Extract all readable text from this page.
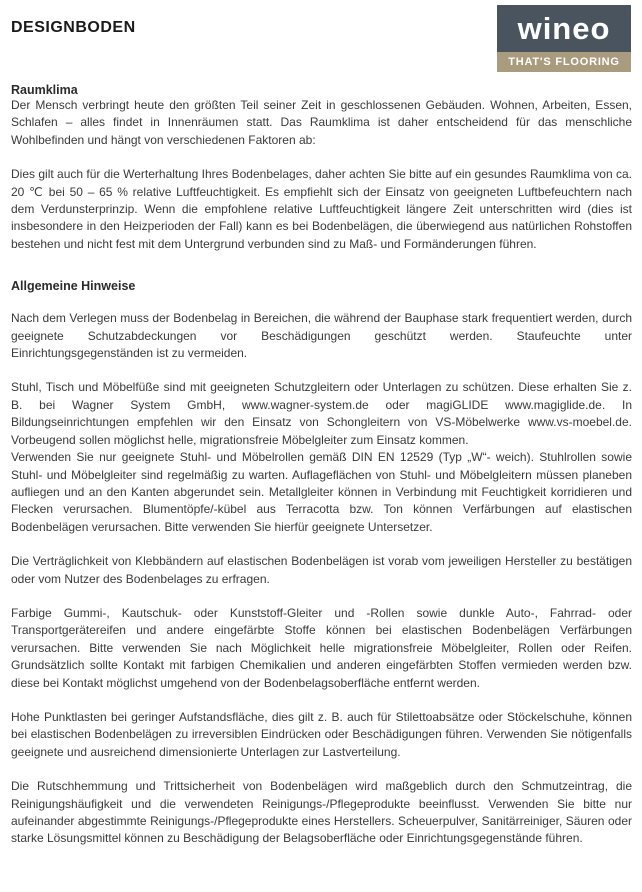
DESIGNBODEN	wineo
THAT'S FLOORING
Raumklima

Der Mensch verbringt heute den größten Teil seiner Zeit in geschlossenen Gebäuden. Wohnen, Arbeiten, Essen, Schlafen – alles findet in Innenräumen statt. Das Raumklima ist daher entscheidend für das menschliche Wohlbefinden und hängt von verschiedenen Faktoren ab:

Dies gilt auch für die Werterhaltung Ihres Bodenbelages, daher achten Sie bitte auf ein gesundes Raumklima von ca. 20 ℃ bei 50 – 65 % relative Luftfeuchtigkeit. Es empfiehlt sich der Einsatz von geeigneten Luftbefeuchtern nach dem Verdunsterprinzip. Wenn die empfohlene relative Luftfeuchtigkeit längere Zeit unterschritten wird (dies ist insbesondere in den Heizperioden der Fall) kann es bei Bodenbelägen, die überwiegend aus natürlichen Rohstoffen bestehen und nicht fest mit dem Untergrund verbunden sind zu Maß- und Formänderungen führen.

Allgemeine Hinweise

Nach dem Verlegen muss der Bodenbelag in Bereichen, die während der Bauphase stark frequentiert werden, durch geeignete Schutzabdeckungen vor Beschädigungen geschützt werden. Staufeuchte unter Einrichtungsgegenständen ist zu vermeiden.

Stuhl, Tisch und Möbelfüße sind mit geeigneten Schutzgleitern oder Unterlagen zu schützen. Diese erhalten Sie z. B. bei Wagner System GmbH, www.wagner-system.de oder magiGLIDE www.magiglide.de. In Bildungseinrichtungen empfehlen wir den Einsatz von Schongleitern von VS-Möbelwerke www.vs-moebel.de. Vorbeugend sollen möglichst helle, migrationsfreie Möbelgleiter zum Einsatz kommen.

Verwenden Sie nur geeignete Stuhl- und Möbelrollen gemäß DIN EN 12529 (Typ „W“- weich). Stuhlrollen sowie Stuhl- und Möbelgleiter sind regelmäßig zu warten. Auflageflächen von Stuhl- und Möbelgleitern müssen planeben aufliegen und an den Kanten abgerundet sein. Metallgleiter können in Verbindung mit Feuchtigkeit korridieren und Flecken verursachen. Blumentöpfe/-kübel aus Terracotta bzw. Ton können Verfärbungen auf elastischen Bodenbelägen verursachen. Bitte verwenden Sie hierfür geeignete Untersetzer.

Die Verträglichkeit von Klebbändern auf elastischen Bodenbelägen ist vorab vom jeweiligen Hersteller zu bestätigen oder vom Nutzer des Bodenbelages zu erfragen.

Farbige Gummi-, Kautschuk- oder Kunststoff-Gleiter und -Rollen sowie dunkle Auto-, Fahrrad- oder Transportgerätereifen und andere eingefärbte Stoffe können bei elastischen Bodenbelägen Verfärbungen verursachen. Bitte verwenden Sie nach Möglichkeit helle migrationsfreie Möbelgleiter, Rollen oder Reifen. Grundsätzlich sollte Kontakt mit farbigen Chemikalien und anderen eingefärbten Stoffen vermieden werden bzw. diese bei Kontakt möglichst umgehend von der Bodenbelagsoberfläche entfernt werden.

Hohe Punktlasten bei geringer Aufstandsfläche, dies gilt z. B. auch für Stilettoabsätze oder Stöckelschuhe, können bei elastischen Bodenbelägen zu irreversiblen Eindrücken oder Beschädigungen führen. Verwenden Sie nötigenfalls geeignete und ausreichend dimensionierte Unterlagen zur Lastverteilung.

Die Rutschhemmung und Trittsicherheit von Bodenbelägen wird maßgeblich durch den Schmutzeintrag, die Reinigungshäufigkeit und die verwendeten Reinigungs-/Pflegeprodukte beeinflusst. Verwenden Sie bitte nur aufeinander abgestimmte Reinigungs-/Pflegeprodukte eines Herstellers. Scheuerpulver, Sanitärreiniger, Säuren oder starke Lösungsmittel können zu Beschädigung der Belagsoberfläche oder Einrichtungsgegenstände führen.
